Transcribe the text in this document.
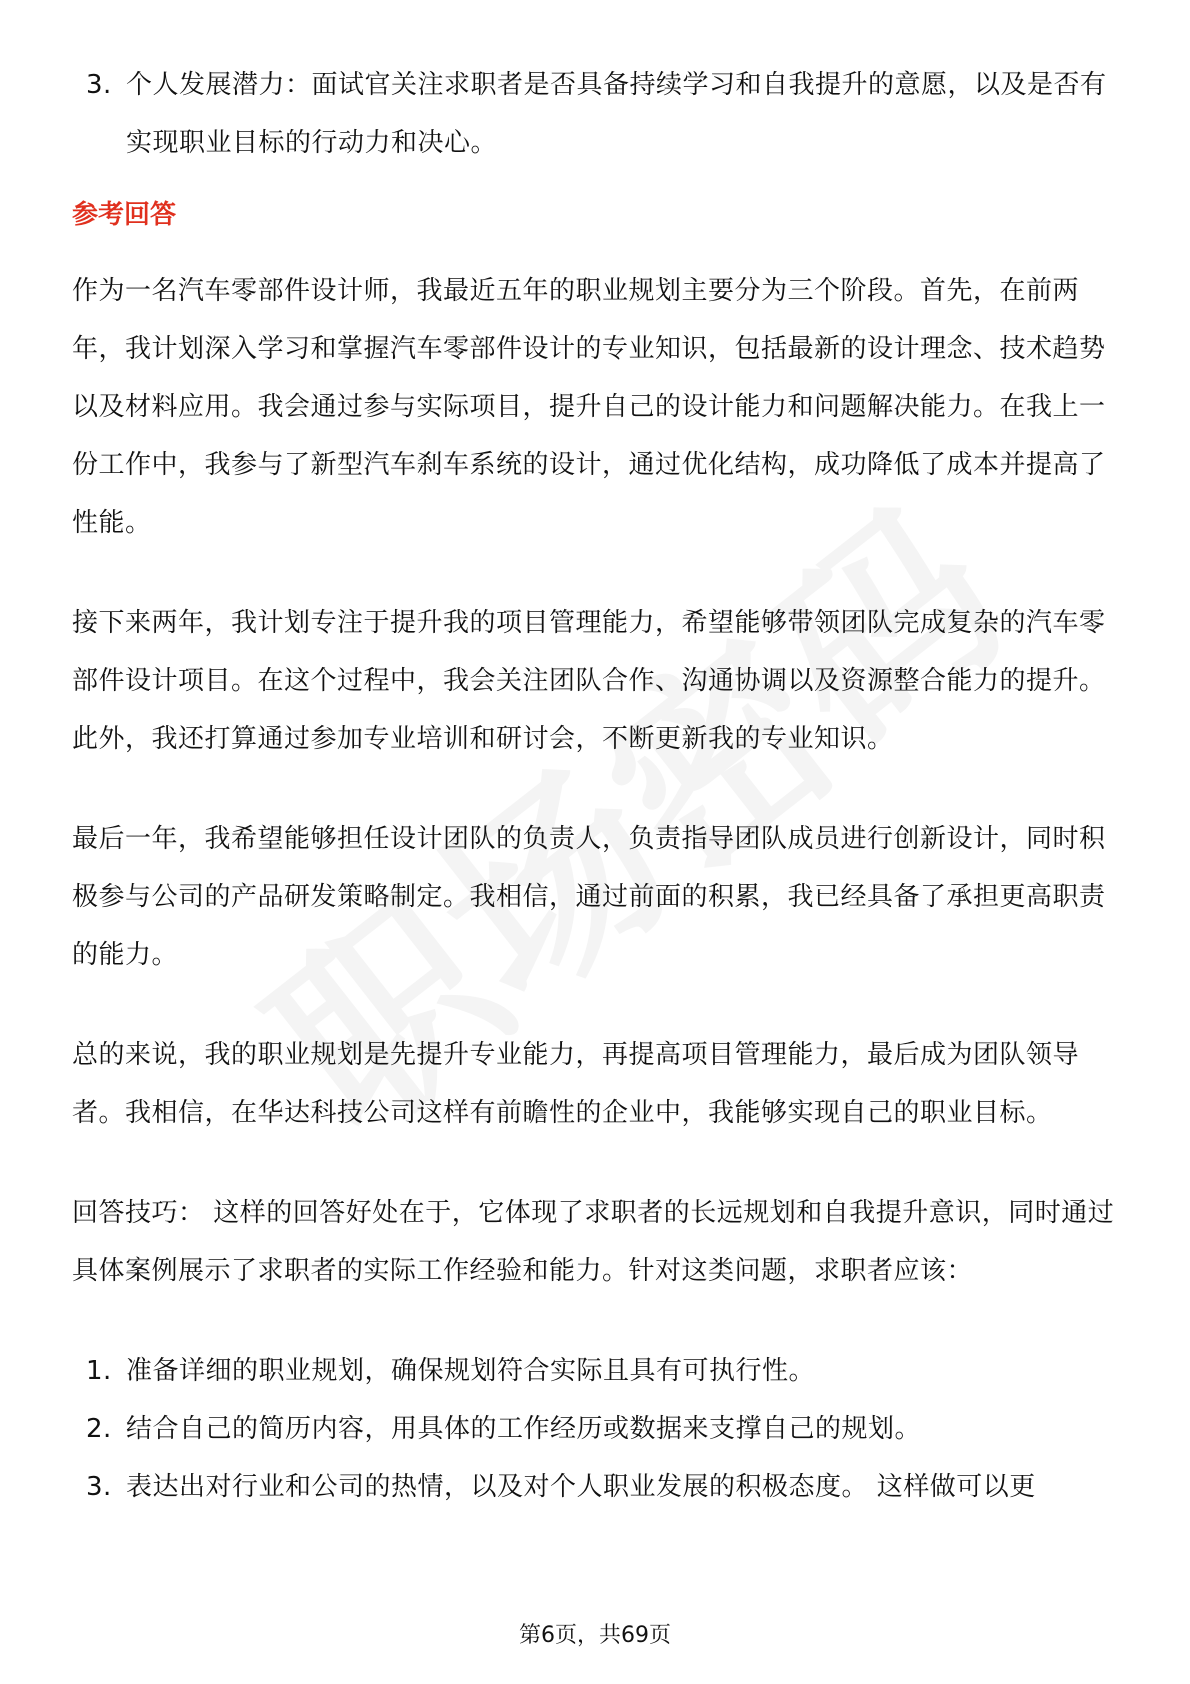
3. 个人发展潜力：面试官关注求职者是否具备持续学习和自我提升的意愿，以及是否有实现职业目标的行动力和决心。
参考回答

作为一名汽车零部件设计师，我最近五年的职业规划主要分为三个阶段。首先，在前两年，我计划深入学习和掌握汽车零部件设计的专业知识，包括最新的设计理念、技术趋势以及材料应用。我会通过参与实际项目，提升自己的设计能力和问题解决能力。在我上一份工作中，我参与了新型汽车刹车系统的设计，通过优化结构，成功降低了成本并提高了性能。

接下来两年，我计划专注于提升我的项目管理能力，希望能够带领团队完成复杂的汽车零部件设计项目。在这个过程中，我会关注团队合作、沟通协调以及资源整合能力的提升。此外，我还打算通过参加专业培训和研讨会，不断更新我的专业知识。

最后一年，我希望能够担任设计团队的负责人，负责指导团队成员进行创新设计，同时积极参与公司的产品研发策略制定。我相信，通过前面的积累，我已经具备了承担更高职责的能力。

总的来说，我的职业规划是先提升专业能力，再提高项目管理能力，最后成为团队领导者。我相信，在华达科技公司这样有前瞻性的企业中，我能够实现自己的职业目标。

回答技巧： 这样的回答好处在于，它体现了求职者的长远规划和自我提升意识，同时通过具体案例展示了求职者的实际工作经验和能力。针对这类问题，求职者应该：

1. 准备详细的职业规划，确保规划符合实际且具有可执行性。
2. 结合自己的简历内容，用具体的工作经历或数据来支撑自己的规划。
3. 表达出对行业和公司的热情，以及对个人职业发展的积极态度。 这样做可以更
第6页，共69页
